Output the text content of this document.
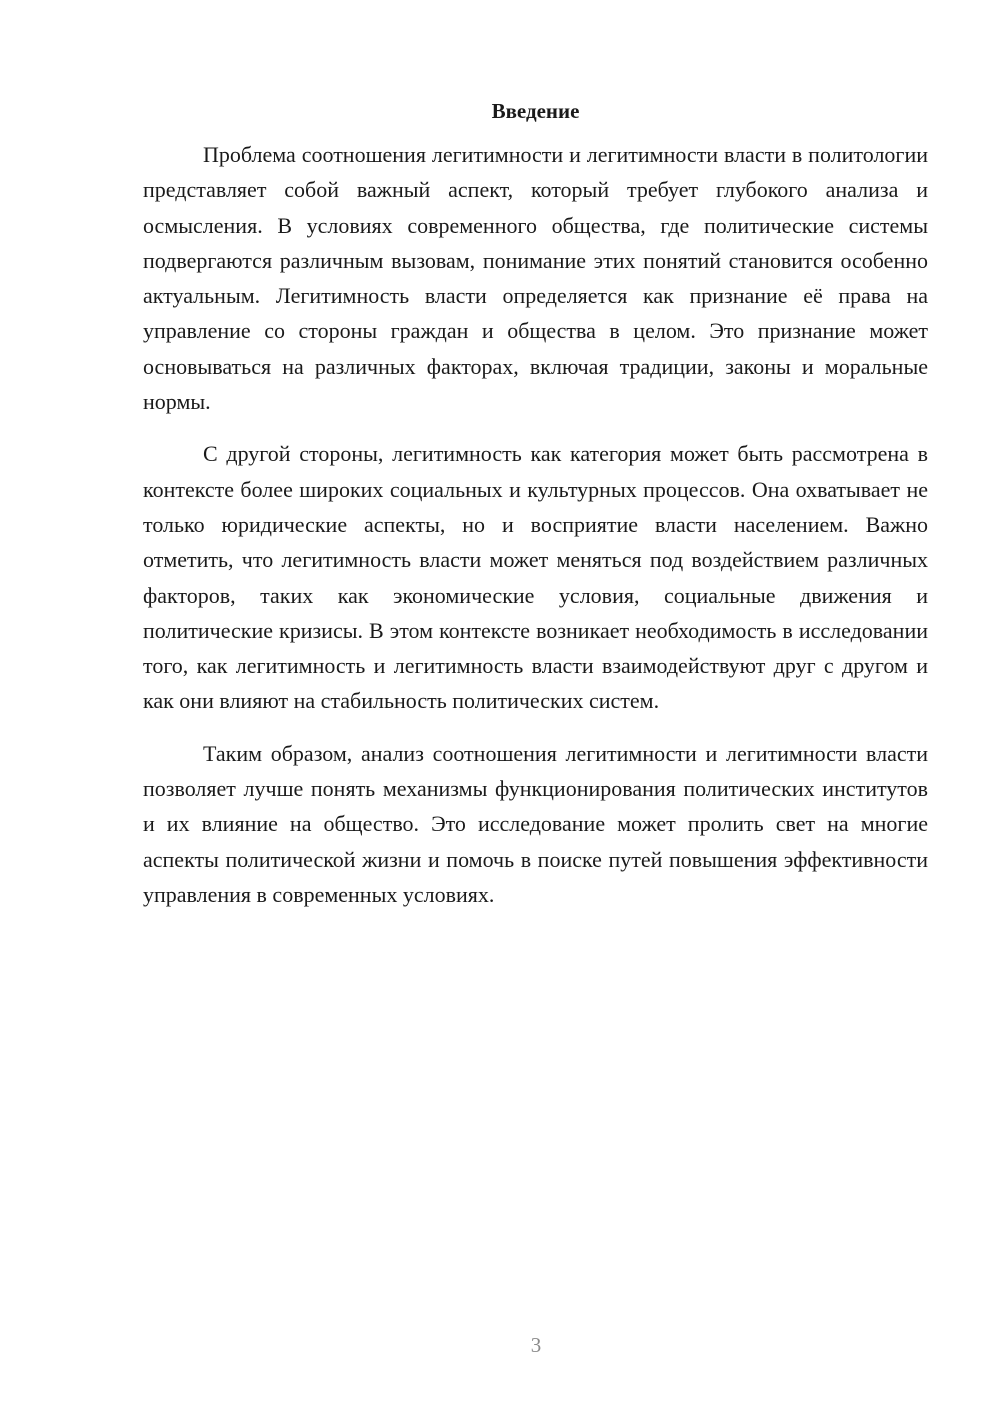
Введение

Проблема соотношения легитимности и легитимности власти в политологии представляет собой важный аспект, который требует глубокого анализа и осмысления. В условиях современного общества, где политические системы подвергаются различным вызовам, понимание этих понятий становится особенно актуальным. Легитимность власти определяется как признание её права на управление со стороны граждан и общества в целом. Это признание может основываться на различных факторах, включая традиции, законы и моральные нормы.

С другой стороны, легитимность как категория может быть рассмотрена в контексте более широких социальных и культурных процессов. Она охватывает не только юридические аспекты, но и восприятие власти населением. Важно отметить, что легитимность власти может меняться под воздействием различных факторов, таких как экономические условия, социальные движения и политические кризисы. В этом контексте возникает необходимость в исследовании того, как легитимность и легитимность власти взаимодействуют друг с другом и как они влияют на стабильность политических систем.

Таким образом, анализ соотношения легитимности и легитимности власти позволяет лучше понять механизмы функционирования политических институтов и их влияние на общество. Это исследование может пролить свет на многие аспекты политической жизни и помочь в поиске путей повышения эффективности управления в современных условиях.

3
